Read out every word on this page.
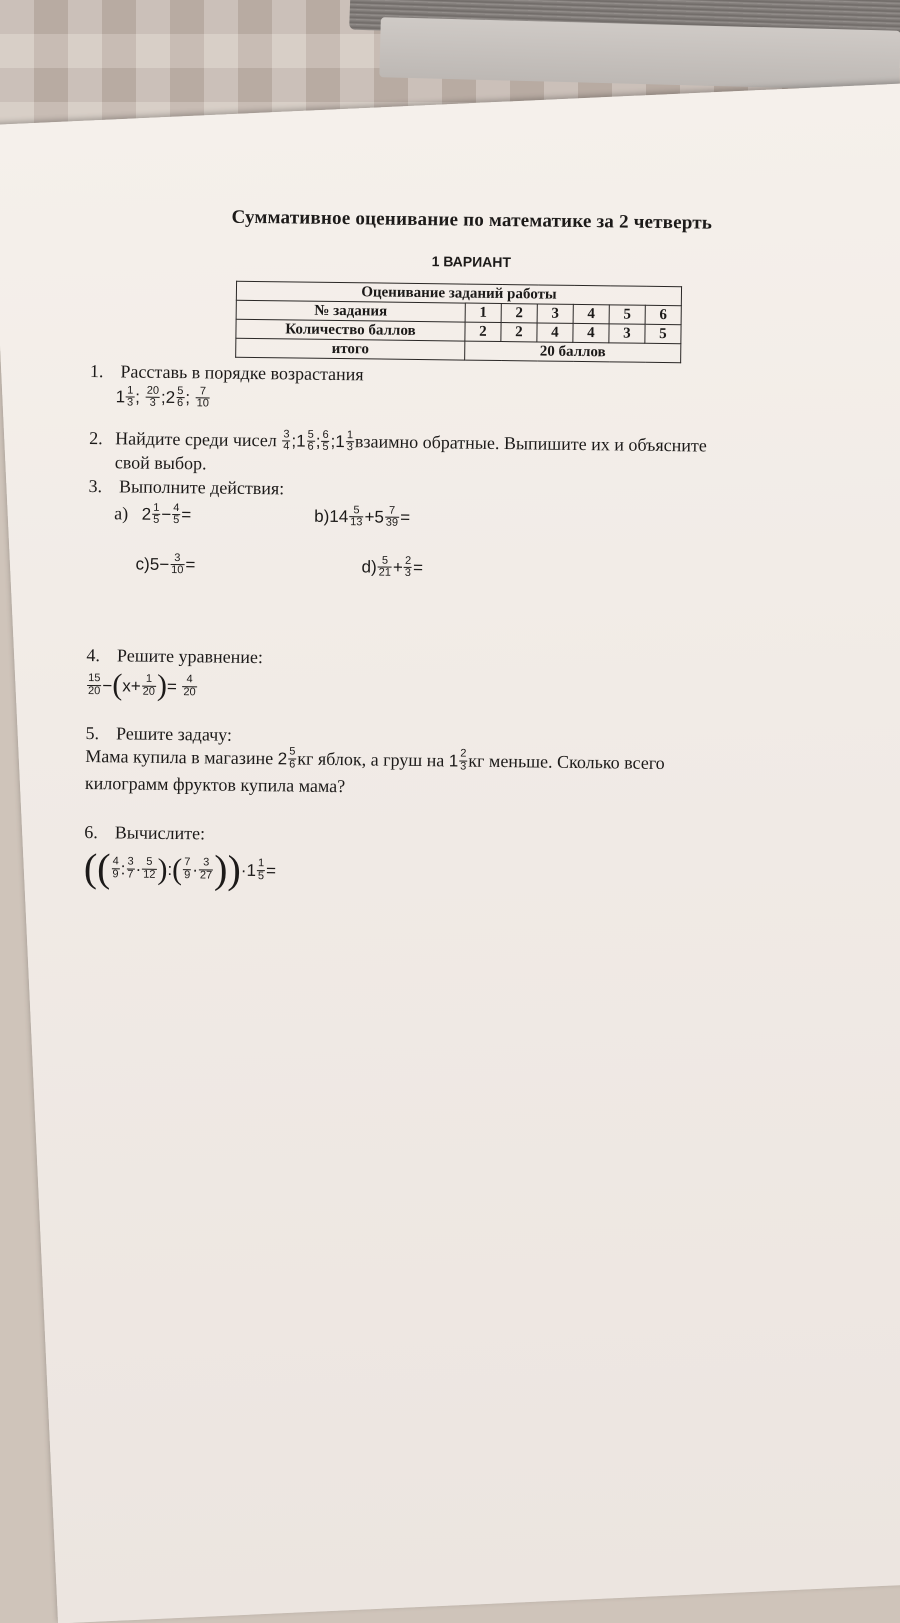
Суммативное оценивание по математике за 2 четверть
1 ВАРИАНТ
Оценивание заданий работы						
№ задания	1	2	3	4	5	6
Количество баллов	2	2	4	4	3	5
итого	20 баллов					
1. Расставь в порядке возрастания
$1 \frac{1}{3}$ ; $\frac{20}{3}$ ; $2 \frac{5}{6}$ ; $\frac{7}{10}$
2. Найдите среди чисел
$\frac{3}{4}$ ; $1 \frac{5}{6}$ ; $\frac{6}{5}$ ; $1 \frac{1}{3}$ взаимно обратные. Выпишите их и объясните
свой выбор.
3. Выполните действия:
а)
$2 \frac{1}{5} - \frac{4}{5}$ =	b) $14 \frac{5}{13} + 5 \frac{7}{39}$ =
c) $5 - \frac{3}{10}$ =	$d) \frac{5}{21} + \frac{2}{3}$ =
4. Решите уравнение:
$\frac{15}{20}$ − ( $x + \frac{1}{20}$ ) =
$\frac{4}{20}$
5. Решите задачу:
Мама купила в магазине
$2 \frac{5}{6}$ кг яблок, а груш на
$1 \frac{2}{3}$ кг меньше. Сколько всего
килограмм фруктов купила мама?
6. Вычислите:
(( $\frac{4}{9}$ : $\frac{3}{7} \cdot \frac{5}{12}$ ) : ( $\frac{7}{9} \cdot \frac{3}{27}$ )) · $1 \frac{1}{5}$ =
